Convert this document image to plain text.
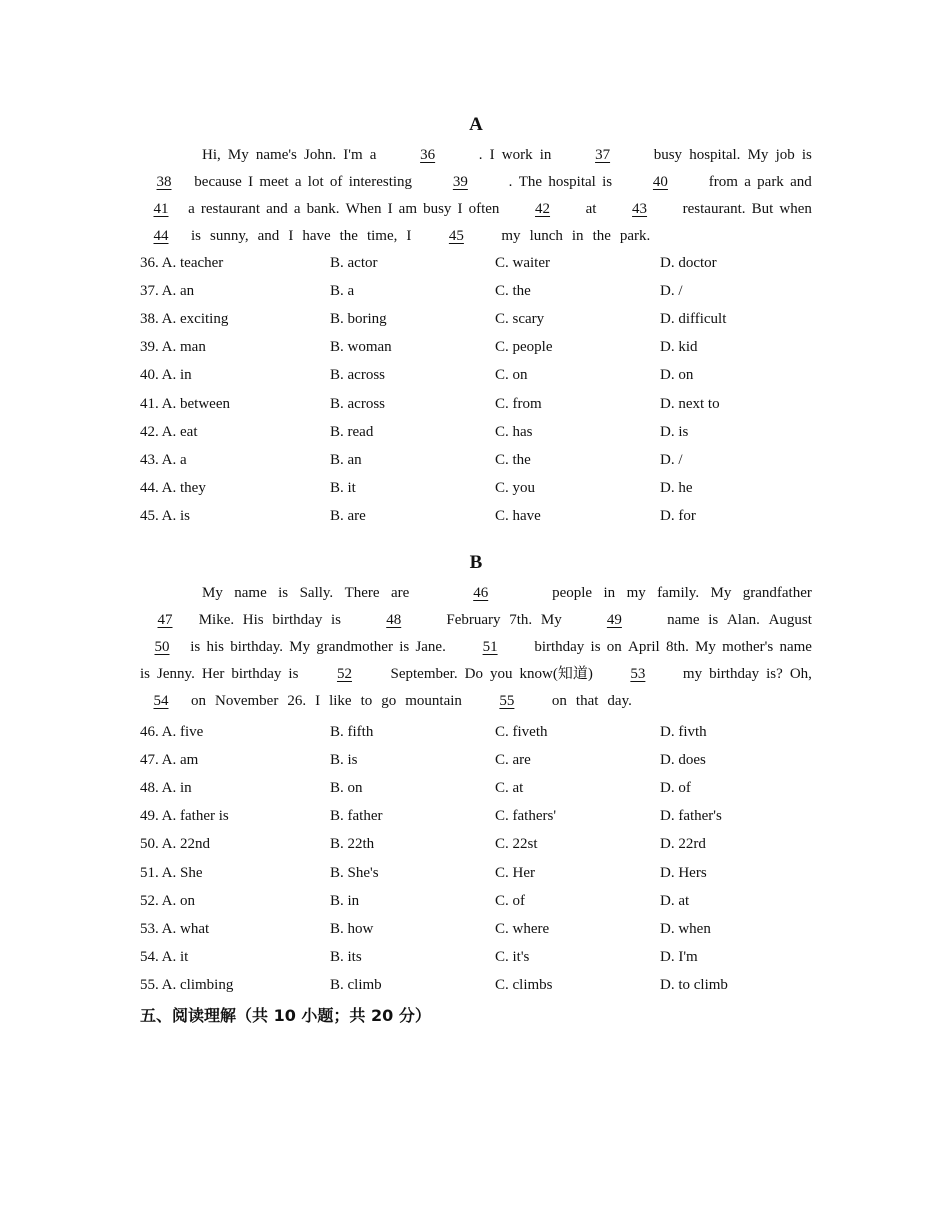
A
Hi, My name's John. I'm a	36	. I work in	37	busy hospital. My job is
38	because I meet a lot of interesting	39	. The hospital is	40	from a park and
41	a restaurant and a bank. When I am busy I often	42	at	43	restaurant. But when
44	is sunny, and I have the time, I	45	my lunch in the park.
36. A. teacher	B. actor	C. waiter	D. doctor
37. A. an	B. a	C. the	D. /
38. A. exciting	B. boring	C. scary	D. difficult
39. A. man	B. woman	C. people	D. kid
40. A. in	B. across	C. on	D. on
41. A. between	B. across	C. from	D. next to
42. A. eat	B. read	C. has	D. is
43. A. a	B. an	C. the	D. /
44. A. they	B. it	C. you	D. he
45. A. is	B. are	C. have	D. for
B
My name is Sally. There are	46	people in my family. My grandfather
47	Mike. His birthday is	48	February 7th. My	49	name is Alan. August
50	is his birthday. My grandmother is Jane.	51	birthday is on April 8th. My mother's name
is Jenny. Her birthday is	52	September. Do you know(知道)	53	my birthday is? Oh,
54	on November 26. I like to go mountain	55	on that day.
46. A. five	B. fifth	C. fiveth	D. fivth
47. A. am	B. is	C. are	D. does
48. A. in	B. on	C. at	D. of
49. A. father is	B. father	C. fathers'	D. father's
50. A. 22nd	B. 22th	C. 22st	D. 22rd
51. A. She	B. She's	C. Her	D. Hers
52. A. on	B. in	C. of	D. at
53. A. what	B. how	C. where	D. when
54. A. it	B. its	C. it's	D. I'm
55. A. climbing	B. climb	C. climbs	D. to climb
五、阅读理解（共 10 小题；共 20 分）
